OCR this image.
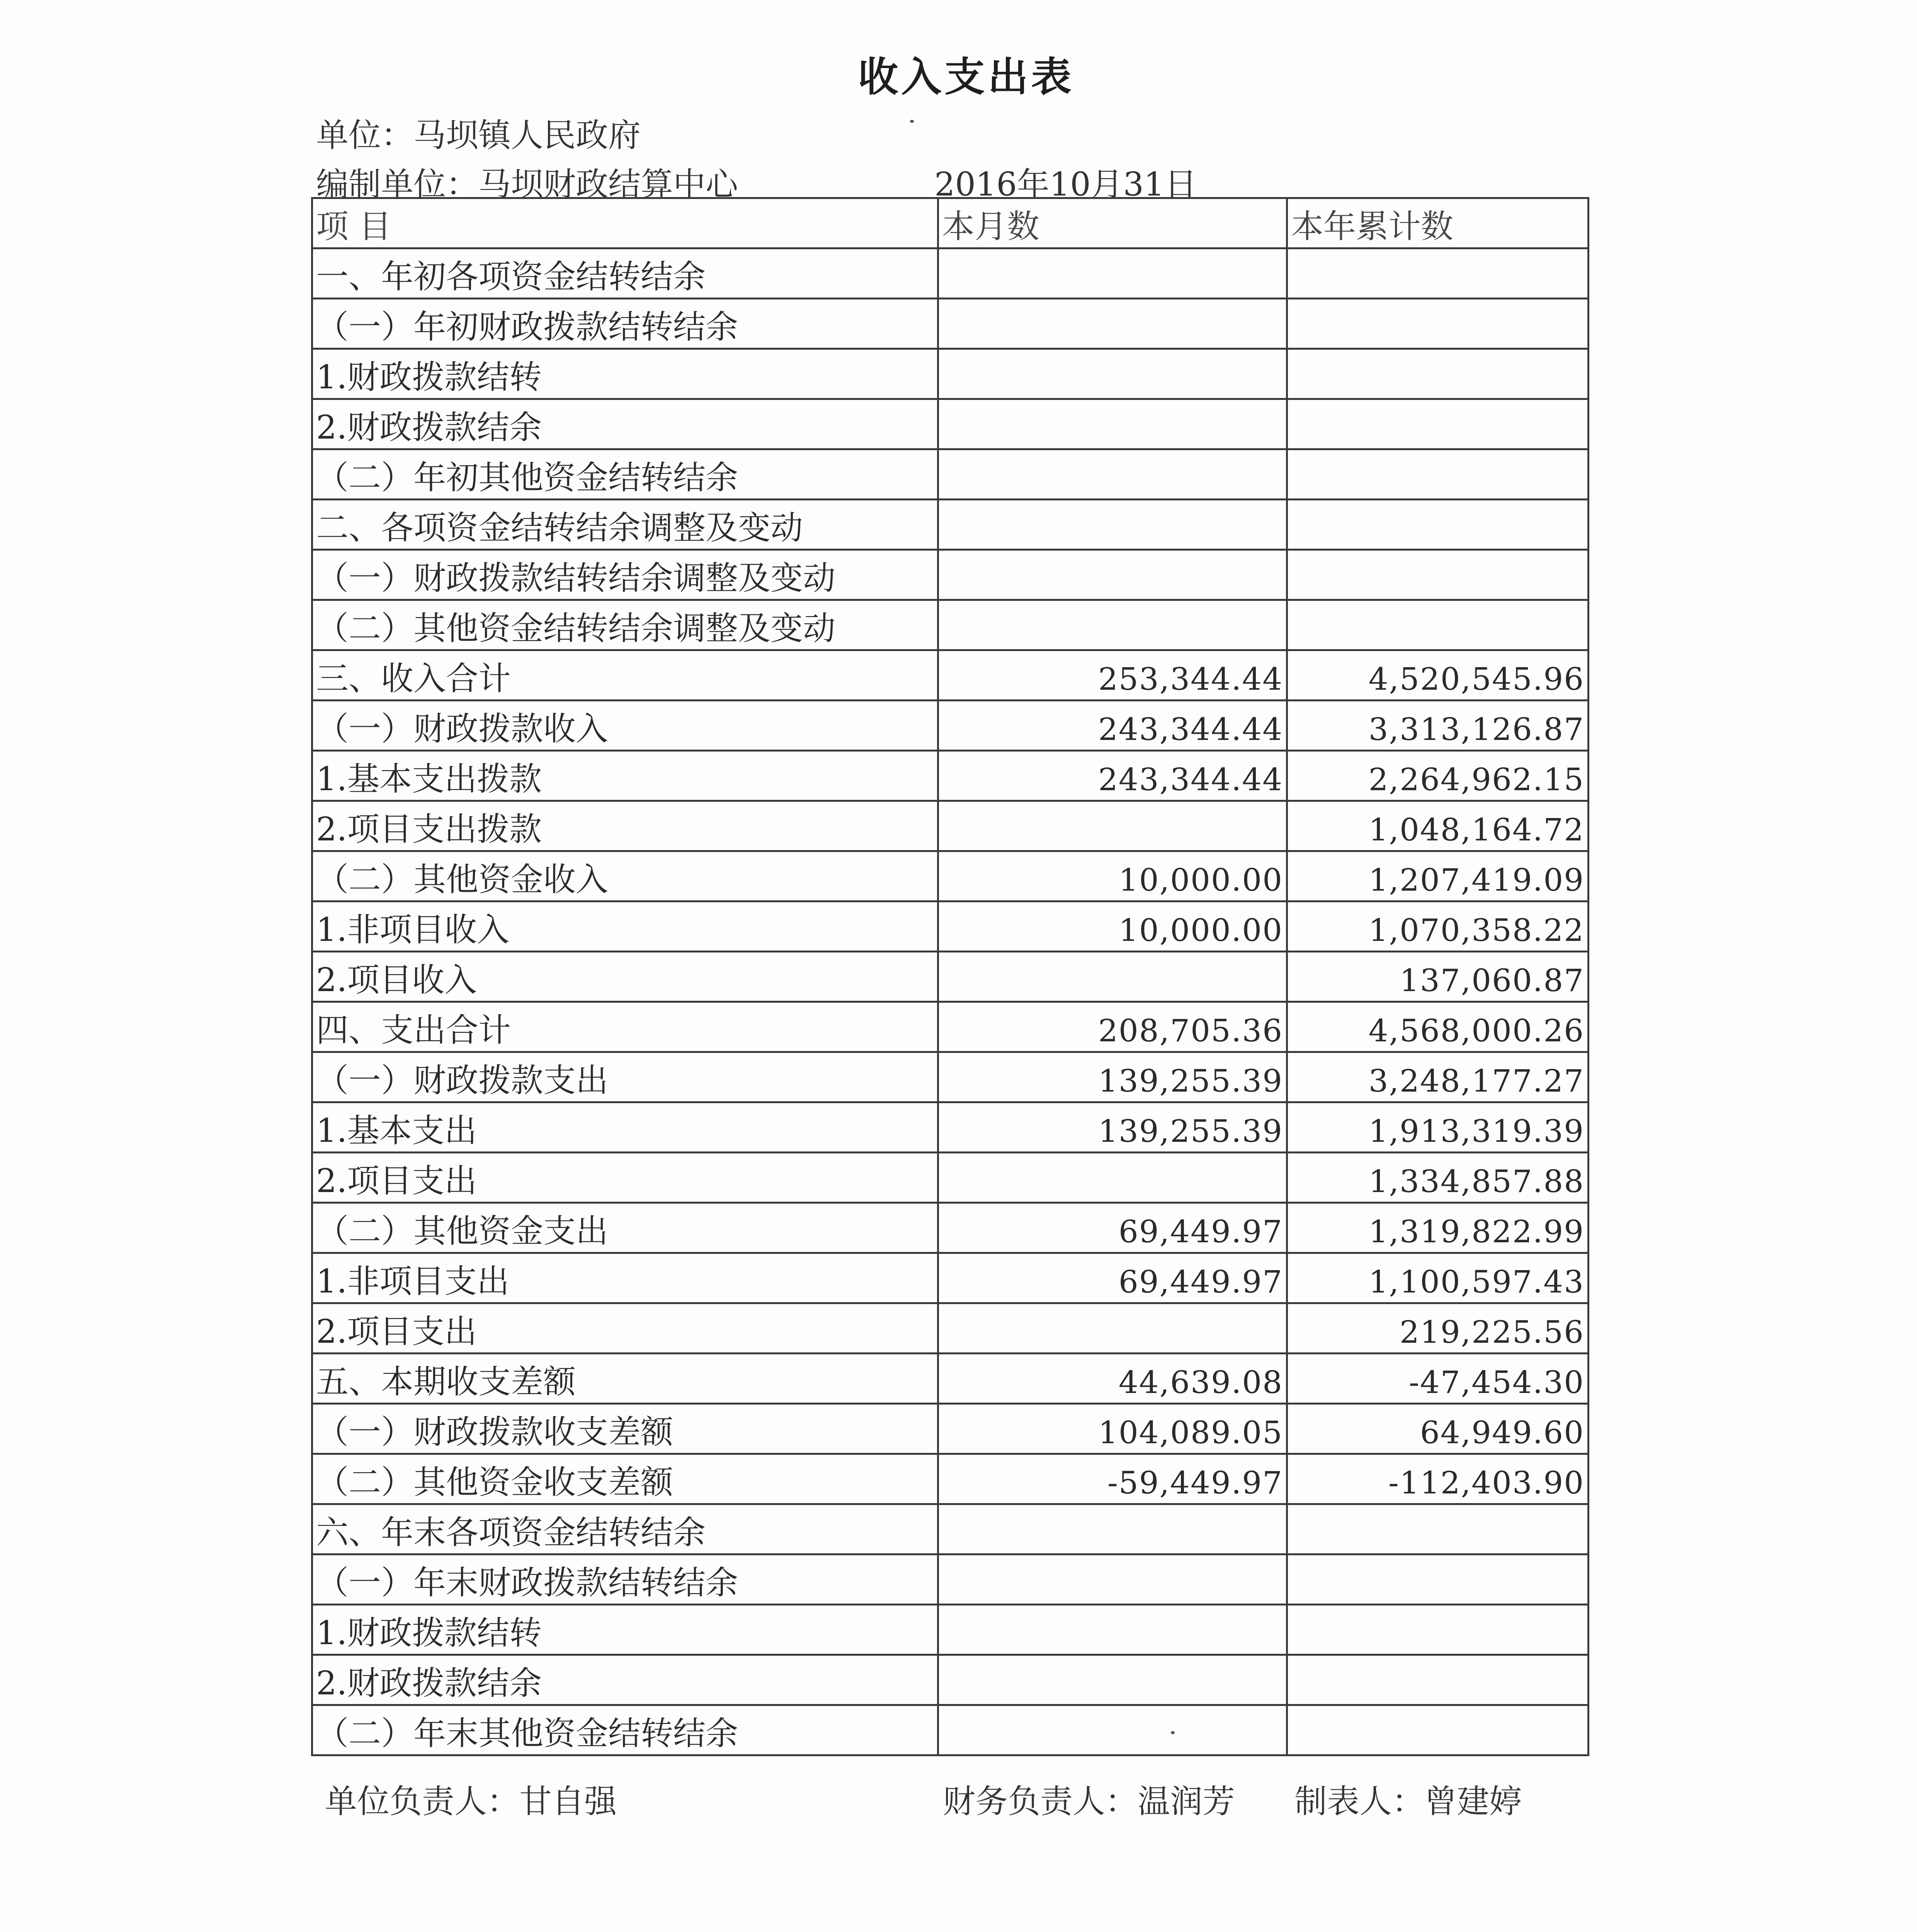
收入支出表
单位：马坝镇人民政府
编制单位：马坝财政结算中心	2016年10月31日
项 目	本月数	本年累计数
一、年初各项资金结转结余		
（一）年初财政拨款结转结余		
1.财政拨款结转		
2.财政拨款结余		
（二）年初其他资金结转结余		
二、各项资金结转结余调整及变动		
（一）财政拨款结转结余调整及变动		
（二）其他资金结转结余调整及变动		
三、收入合计	253,344.44	4,520,545.96
（一）财政拨款收入	243,344.44	3,313,126.87
1.基本支出拨款	243,344.44	2,264,962.15
2.项目支出拨款		1,048,164.72
（二）其他资金收入	10,000.00	1,207,419.09
1.非项目收入	10,000.00	1,070,358.22
2.项目收入		137,060.87
四、支出合计	208,705.36	4,568,000.26
（一）财政拨款支出	139,255.39	3,248,177.27
1.基本支出	139,255.39	1,913,319.39
2.项目支出		1,334,857.88
（二）其他资金支出	69,449.97	1,319,822.99
1.非项目支出	69,449.97	1,100,597.43
2.项目支出		219,225.56
五、本期收支差额	44,639.08	-47,454.30
（一）财政拨款收支差额	104,089.05	64,949.60
（二）其他资金收支差额	-59,449.97	-112,403.90
六、年末各项资金结转结余		
（一）年末财政拨款结转结余		
1.财政拨款结转		
2.财政拨款结余		
（二）年末其他资金结转结余		
单位负责人：甘自强	财务负责人：温润芳 制表人：曾建婷
